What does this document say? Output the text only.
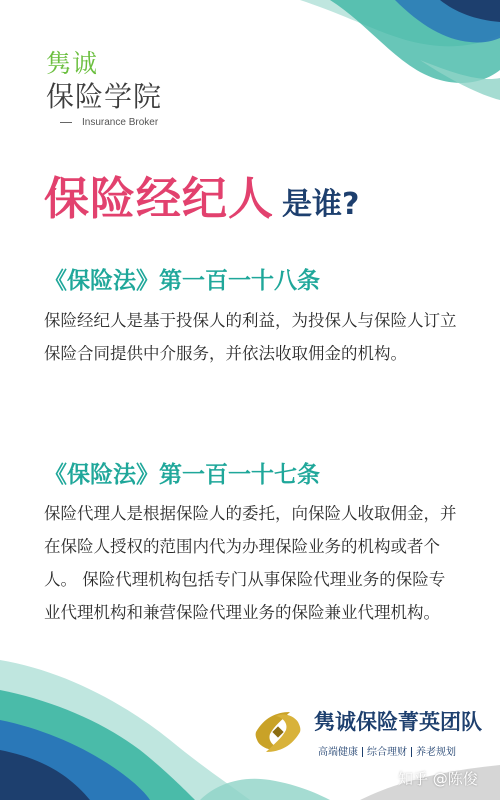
隽诚
保险学院
Insurance Broker
保险经纪人 是谁?
《保险法》第一百一十八条
保险经纪人是基于投保人的利益，为投保人与保险人订立保险合同提供中介服务，并依法收取佣金的机构。
《保险法》第一百一十七条
保险代理人是根据保险人的委托，向保险人收取佣金，并在保险人授权的范围内代为办理保险业务的机构或者个人。 保险代理机构包括专门从事保险代理业务的保险专业代理机构和兼营保险代理业务的保险兼业代理机构。
隽诚保险菁英团队
高端健康 综合理财 养老规划
知乎 @陈俊
